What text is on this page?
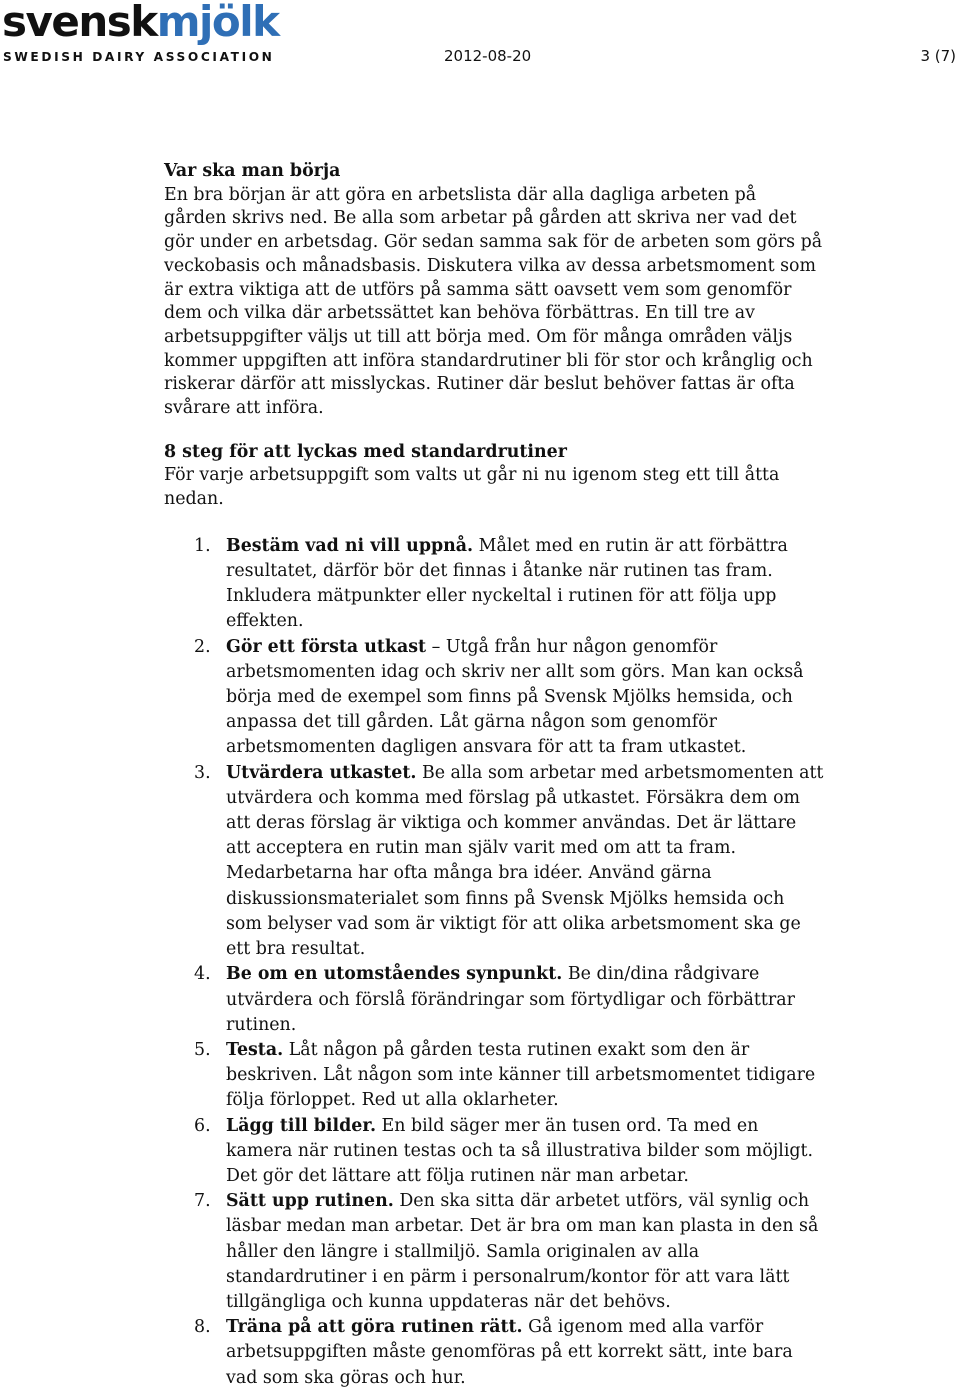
svenskmjölk
SWEDISH DAIRY ASSOCIATION	2012-08-20	3 (7)
Var ska man börja

En bra början är att göra en arbetslista där alla dagliga arbeten på gården skrivs ned. Be alla som arbetar på gården att skriva ner vad det gör under en arbetsdag. Gör sedan samma sak för de arbeten som görs på veckobasis och månadsbasis. Diskutera vilka av dessa arbetsmoment som är extra viktiga att de utförs på samma sätt oavsett vem som genomför dem och vilka där arbetssättet kan behöva förbättras. En till tre av arbetsuppgifter väljs ut till att börja med. Om för många områden väljs kommer uppgiften att införa standardrutiner bli för stor och krånglig och riskerar därför att misslyckas. Rutiner där beslut behöver fattas är ofta svårare att införa.

8 steg för att lyckas med standardrutiner

För varje arbetsuppgift som valts ut går ni nu igenom steg ett till åtta nedan.

1. Bestäm vad ni vill uppnå. Målet med en rutin är att förbättra resultatet, därför bör det finnas i åtanke när rutinen tas fram. Inkludera mätpunkter eller nyckeltal i rutinen för att följa upp effekten.
2. Gör ett första utkast – Utgå från hur någon genomför arbetsmomenten idag och skriv ner allt som görs. Man kan också börja med de exempel som finns på Svensk Mjölks hemsida, och anpassa det till gården. Låt gärna någon som genomför arbetsmomenten dagligen ansvara för att ta fram utkastet.
3. Utvärdera utkastet. Be alla som arbetar med arbetsmomenten att utvärdera och komma med förslag på utkastet. Försäkra dem om att deras förslag är viktiga och kommer användas. Det är lättare att acceptera en rutin man själv varit med om att ta fram. Medarbetarna har ofta många bra idéer. Använd gärna diskussionsmaterialet som finns på Svensk Mjölks hemsida och som belyser vad som är viktigt för att olika arbetsmoment ska ge ett bra resultat.
4. Be om en utomståendes synpunkt. Be din/dina rådgivare utvärdera och förslå förändringar som förtydligar och förbättrar rutinen.
5. Testa. Låt någon på gården testa rutinen exakt som den är beskriven. Låt någon som inte känner till arbetsmomentet tidigare följa förloppet. Red ut alla oklarheter.
6. Lägg till bilder. En bild säger mer än tusen ord. Ta med en kamera när rutinen testas och ta så illustrativa bilder som möjligt. Det gör det lättare att följa rutinen när man arbetar.
7. Sätt upp rutinen. Den ska sitta där arbetet utförs, väl synlig och läsbar medan man arbetar. Det är bra om man kan plasta in den så håller den längre i stallmiljö. Samla originalen av alla standardrutiner i en pärm i personalrum/kontor för att vara lätt tillgängliga och kunna uppdateras när det behövs.
8. Träna på att göra rutinen rätt. Gå igenom med alla varför arbetsuppgiften måste genomföras på ett korrekt sätt, inte bara vad som ska göras och hur.
